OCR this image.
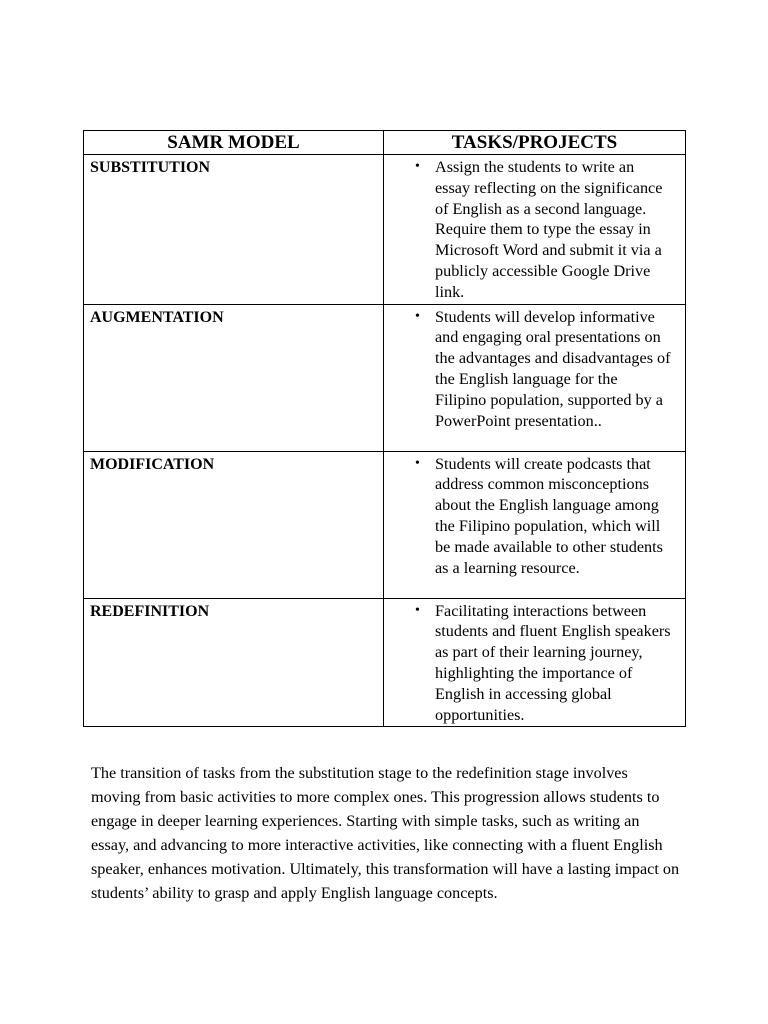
SAMR MODEL	TASKS/PROJECTS
SUBSTITUTION	• Assign the students to write an essay reflecting on the significance of English as a second language. Require them to type the essay in Microsoft Word and submit it via a publicly accessible Google Drive link.

AUGMENTATION	• Students will develop informative and engaging oral presentations on the advantages and disadvantages of the English language for the Filipino population, supported by a PowerPoint presentation..

MODIFICATION	• Students will create podcasts that address common misconceptions about the English language among the Filipino population, which will be made available to other students as a learning resource.

REDEFINITION	• Facilitating interactions between students and fluent English speakers as part of their learning journey, highlighting the importance of English in accessing global opportunities.

The transition of tasks from the substitution stage to the redefinition stage involves moving from basic activities to more complex ones. This progression allows students to engage in deeper learning experiences. Starting with simple tasks, such as writing an essay, and advancing to more interactive activities, like connecting with a fluent English speaker, enhances motivation. Ultimately, this transformation will have a lasting impact on students’ ability to grasp and apply English language concepts.
